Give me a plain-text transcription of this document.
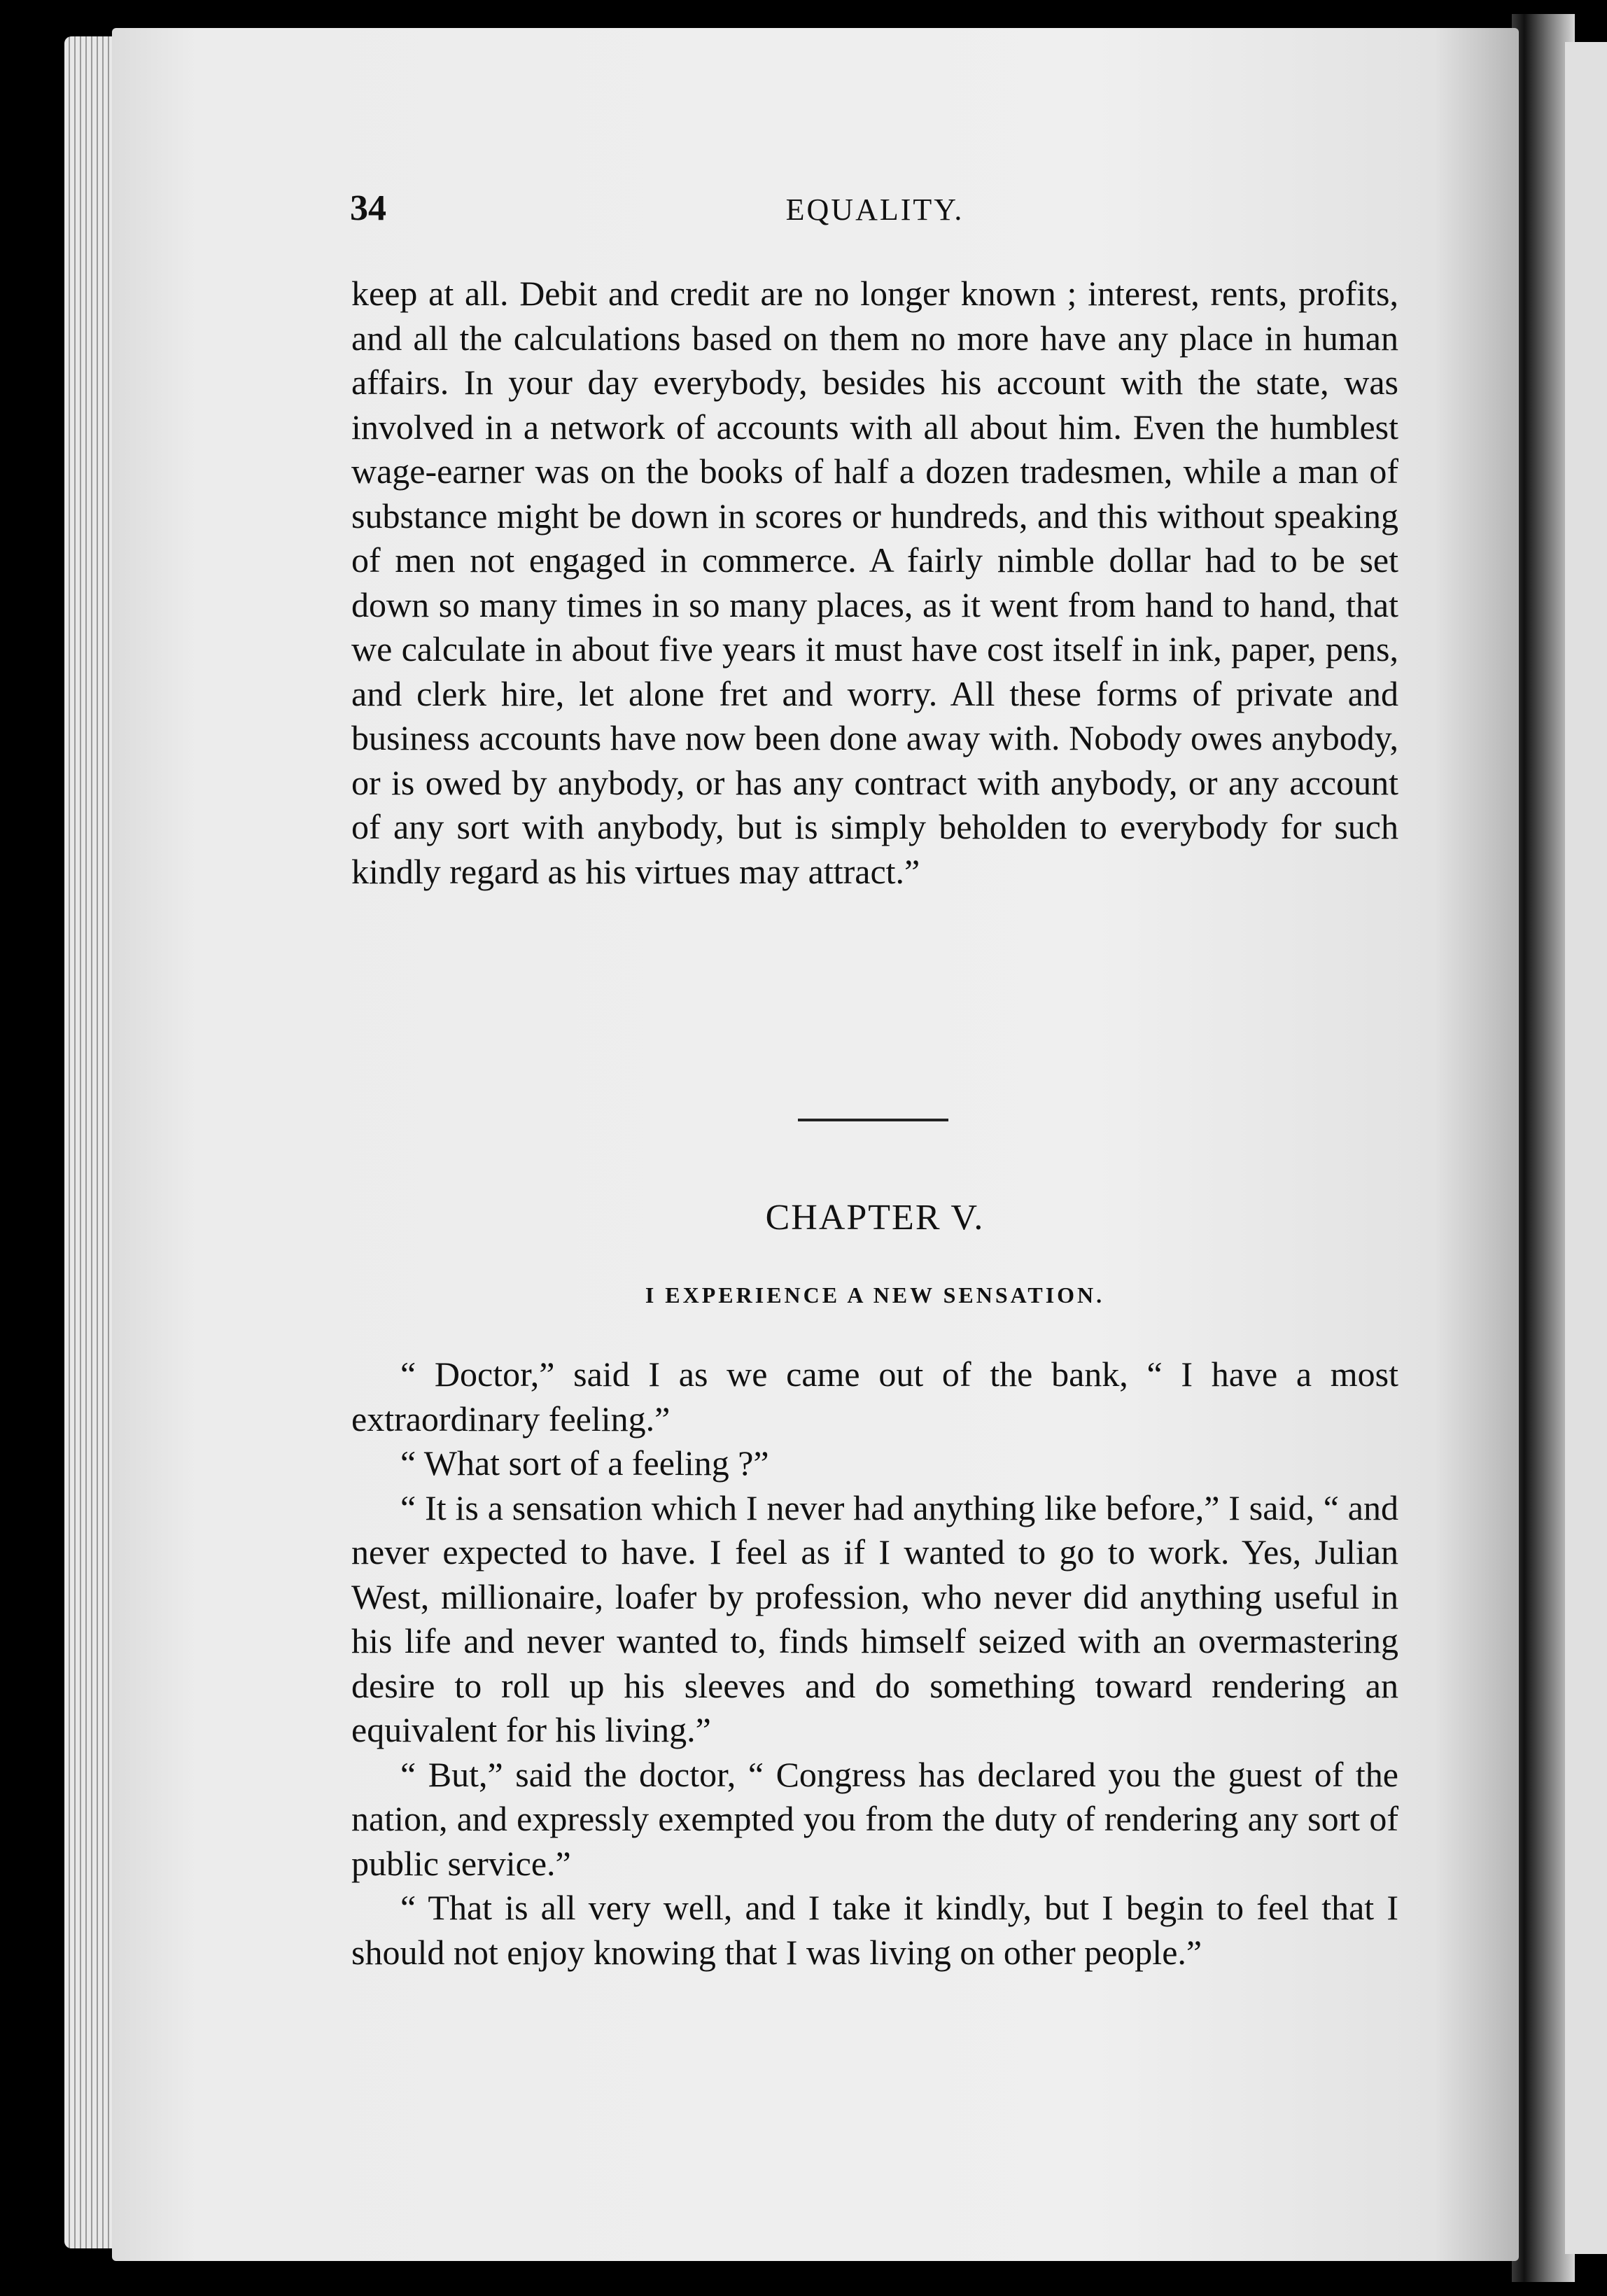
34	EQUALITY.

keep at all. Debit and credit are no longer known ; interest, rents, profits, and all the calculations based on them no more have any place in human affairs. In your day everybody, besides his account with the state, was involved in a network of accounts with all about him. Even the humblest wage-earner was on the books of half a dozen tradesmen, while a man of substance might be down in scores or hundreds, and this without speaking of men not engaged in commerce. A fairly nimble dollar had to be set down so many times in so many places, as it went from hand to hand, that we calculate in about five years it must have cost itself in ink, paper, pens, and clerk hire, let alone fret and worry. All these forms of private and business accounts have now been done away with. Nobody owes anybody, or is owed by anybody, or has any contract with anybody, or any account of any sort with anybody, but is simply beholden to everybody for such kindly regard as his virtues may attract.”

CHAPTER V.
I EXPERIENCE A NEW SENSATION.

“ Doctor,” said I as we came out of the bank, “ I have a most extraordinary feeling.”

“ What sort of a feeling ?”

“ It is a sensation which I never had anything like before,” I said, “ and never expected to have. I feel as if I wanted to go to work. Yes, Julian West, millionaire, loafer by profession, who never did anything useful in his life and never wanted to, finds himself seized with an overmastering desire to roll up his sleeves and do something toward rendering an equivalent for his living.”

“ But,” said the doctor, “ Congress has declared you the guest of the nation, and expressly exempted you from the duty of rendering any sort of public service.”

“ That is all very well, and I take it kindly, but I begin to feel that I should not enjoy knowing that I was living on other people.”
